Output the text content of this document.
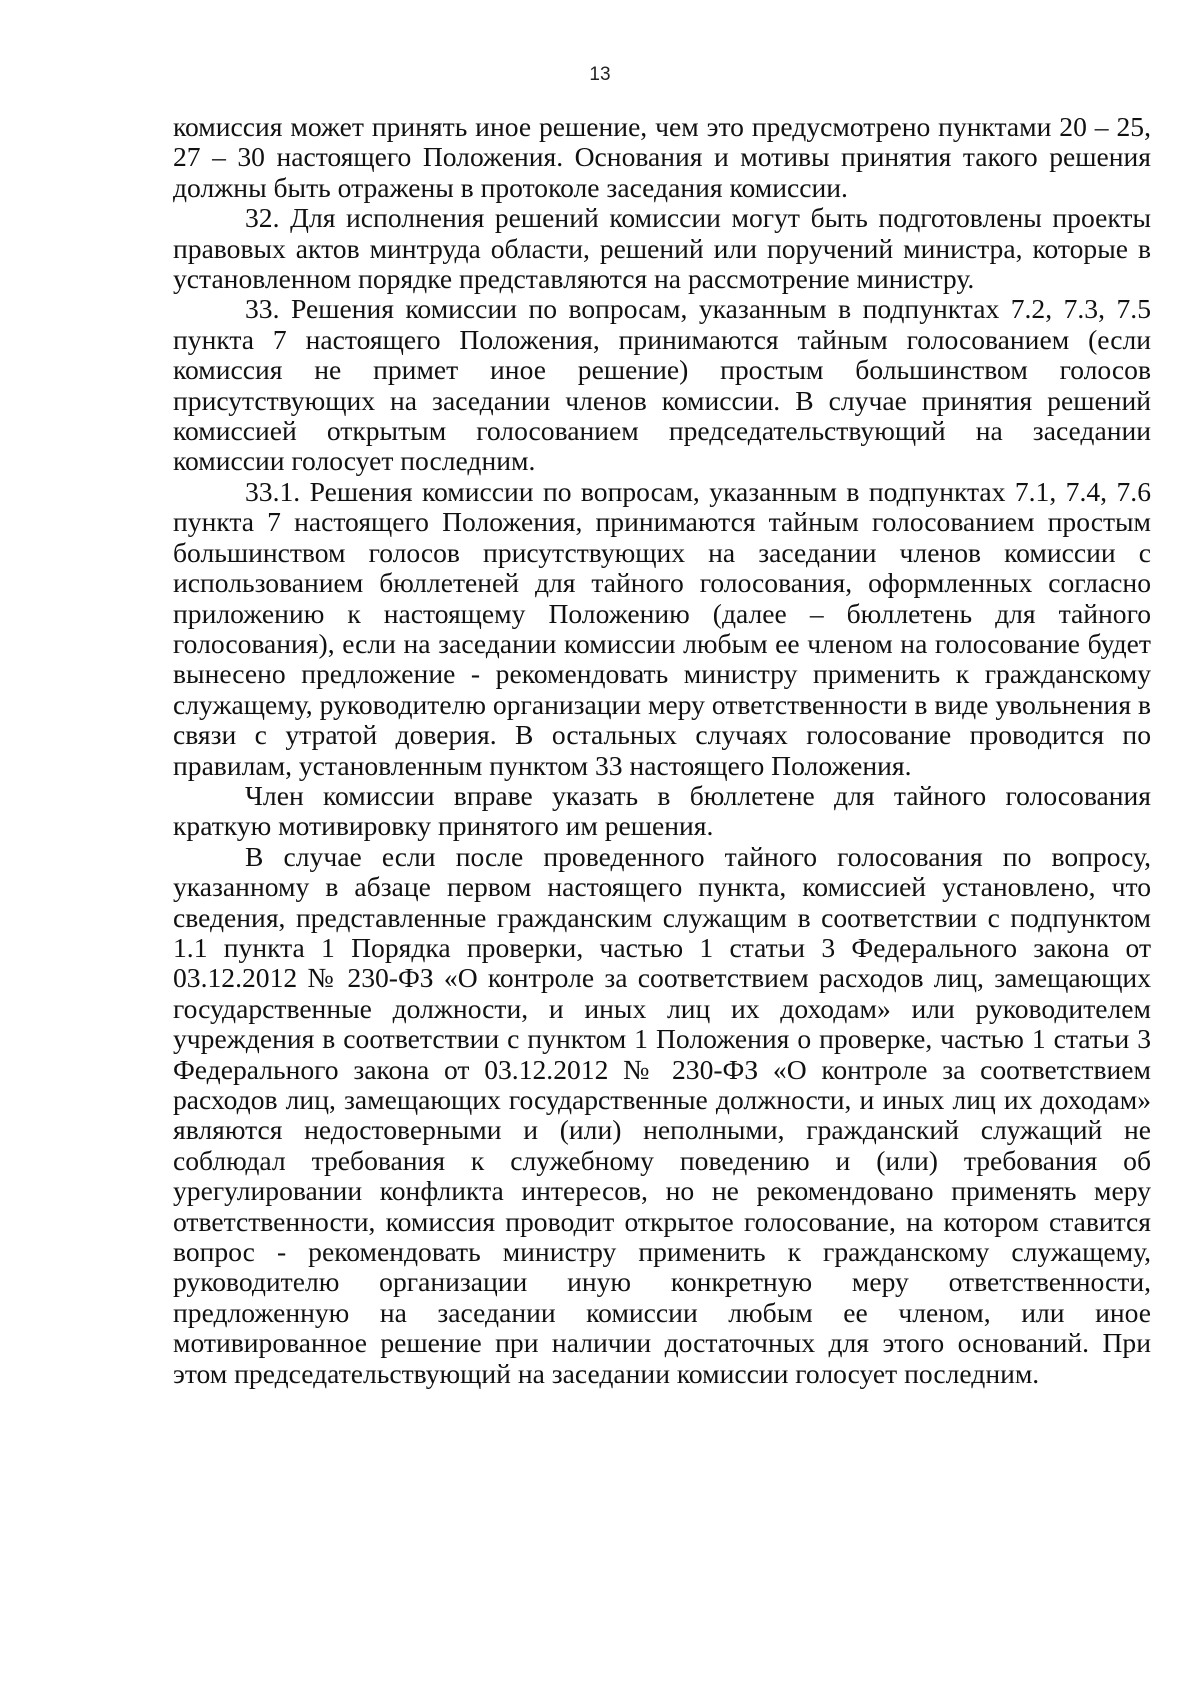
13

комиссия может принять иное решение, чем это предусмотрено пунктами 20 – 25, 27 – 30 настоящего Положения. Основания и мотивы принятия такого решения должны быть отражены в протоколе заседания комиссии.

32. Для исполнения решений комиссии могут быть подготовлены проекты правовых актов минтруда области, решений или поручений министра, которые в установленном порядке представляются на рассмотрение министру.

33. Решения комиссии по вопросам, указанным в подпунктах 7.2, 7.3, 7.5 пункта 7 настоящего Положения, принимаются тайным голосованием (если комиссия не примет иное решение) простым большинством голосов присутствующих на заседании членов комиссии. В случае принятия решений комиссией открытым голосованием председательствующий на заседании комиссии голосует последним.

33.1. Решения комиссии по вопросам, указанным в подпунктах 7.1, 7.4, 7.6 пункта 7 настоящего Положения, принимаются тайным голосованием простым большинством голосов присутствующих на заседании членов комиссии с использованием бюллетеней для тайного голосования, оформленных согласно приложению к настоящему Положению (далее – бюллетень для тайного голосования), если на заседании комиссии любым ее членом на голосование будет вынесено предложение - рекомендовать министру применить к гражданскому служащему, руководителю организации меру ответственности в виде увольнения в связи с утратой доверия. В остальных случаях голосование проводится по правилам, установленным пунктом 33 настоящего Положения.

Член комиссии вправе указать в бюллетене для тайного голосования краткую мотивировку принятого им решения.

В случае если после проведенного тайного голосования по вопросу, указанному в абзаце первом настоящего пункта, комиссией установлено, что сведения, представленные гражданским служащим в соответствии с подпунктом 1.1 пункта 1 Порядка проверки, частью 1 статьи 3 Федерального закона от 03.12.2012 № 230-ФЗ «О контроле за соответствием расходов лиц, замещающих государственные должности, и иных лиц их доходам» или руководителем учреждения в соответствии с пунктом 1 Положения о проверке, частью 1 статьи 3 Федерального закона от 03.12.2012 № 230-ФЗ «О контроле за соответствием расходов лиц, замещающих государственные должности, и иных лиц их доходам» являются недостоверными и (или) неполными, гражданский служащий не соблюдал требования к служебному поведению и (или) требования об урегулировании конфликта интересов, но не рекомендовано применять меру ответственности, комиссия проводит открытое голосование, на котором ставится вопрос - рекомендовать министру применить к гражданскому служащему, руководителю организации иную конкретную меру ответственности, предложенную на заседании комиссии любым ее членом, или иное мотивированное решение при наличии достаточных для этого оснований. При этом председательствующий на заседании комиссии голосует последним.
